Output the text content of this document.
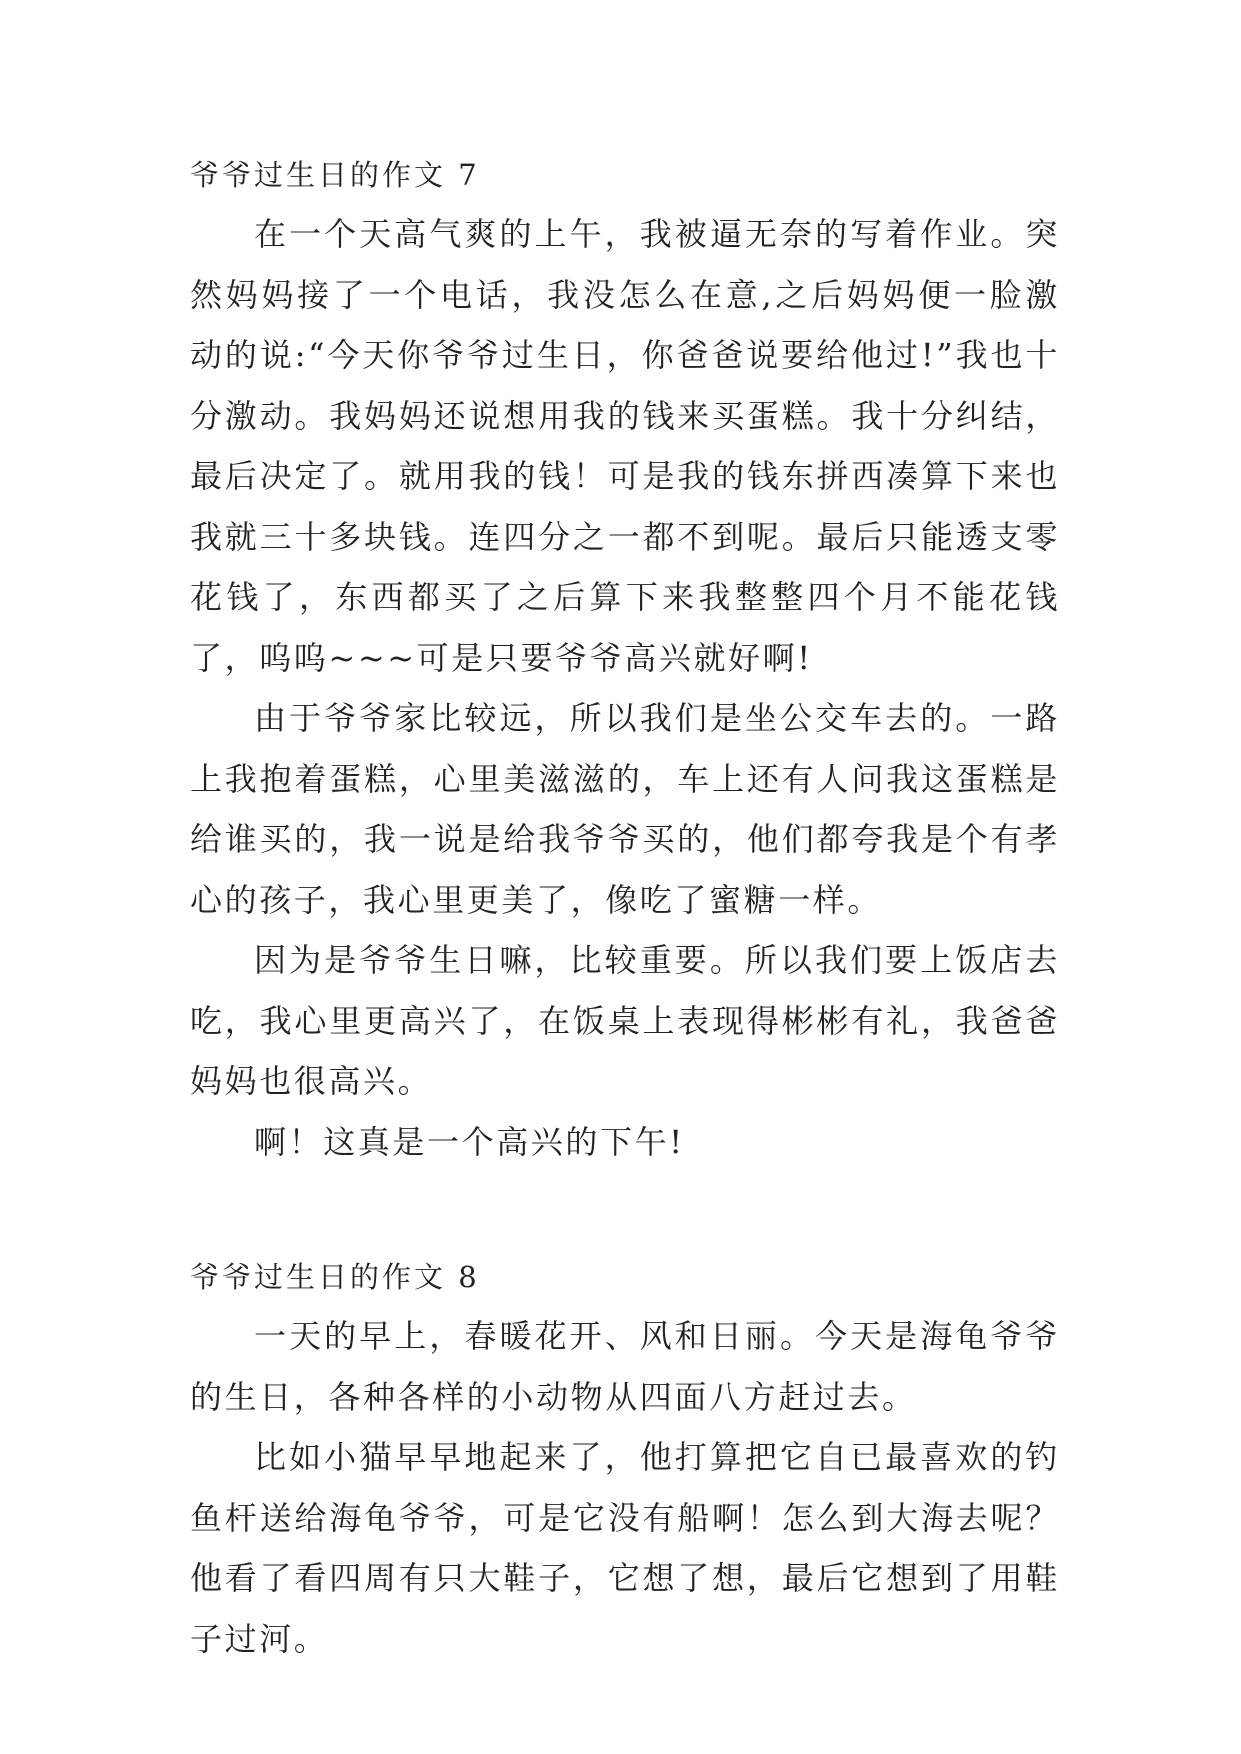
爷爷过生日的作文 7

在一个天高气爽的上午，我被逼无奈的写着作业。突然妈妈接了一个电话，我没怎么在意,之后妈妈便一脸激动的说:“今天你爷爷过生日，你爸爸说要给他过!”我也十分激动。我妈妈还说想用我的钱来买蛋糕。我十分纠结，最后决定了。就用我的钱！可是我的钱东拼西凑算下来也我就三十多块钱。连四分之一都不到呢。最后只能透支零花钱了，东西都买了之后算下来我整整四个月不能花钱了，呜呜~~~可是只要爷爷高兴就好啊!

由于爷爷家比较远，所以我们是坐公交车去的。一路上我抱着蛋糕，心里美滋滋的，车上还有人问我这蛋糕是给谁买的，我一说是给我爷爷买的，他们都夸我是个有孝心的孩子，我心里更美了，像吃了蜜糖一样。

因为是爷爷生日嘛，比较重要。所以我们要上饭店去吃，我心里更高兴了，在饭桌上表现得彬彬有礼，我爸爸妈妈也很高兴。

啊！这真是一个高兴的下午!

爷爷过生日的作文 8

一天的早上，春暖花开、风和日丽。今天是海龟爷爷的生日，各种各样的小动物从四面八方赶过去。

比如小猫早早地起来了，他打算把它自已最喜欢的钓鱼杆送给海龟爷爷，可是它没有船啊！怎么到大海去呢？他看了看四周有只大鞋子，它想了想，最后它想到了用鞋子过河。
